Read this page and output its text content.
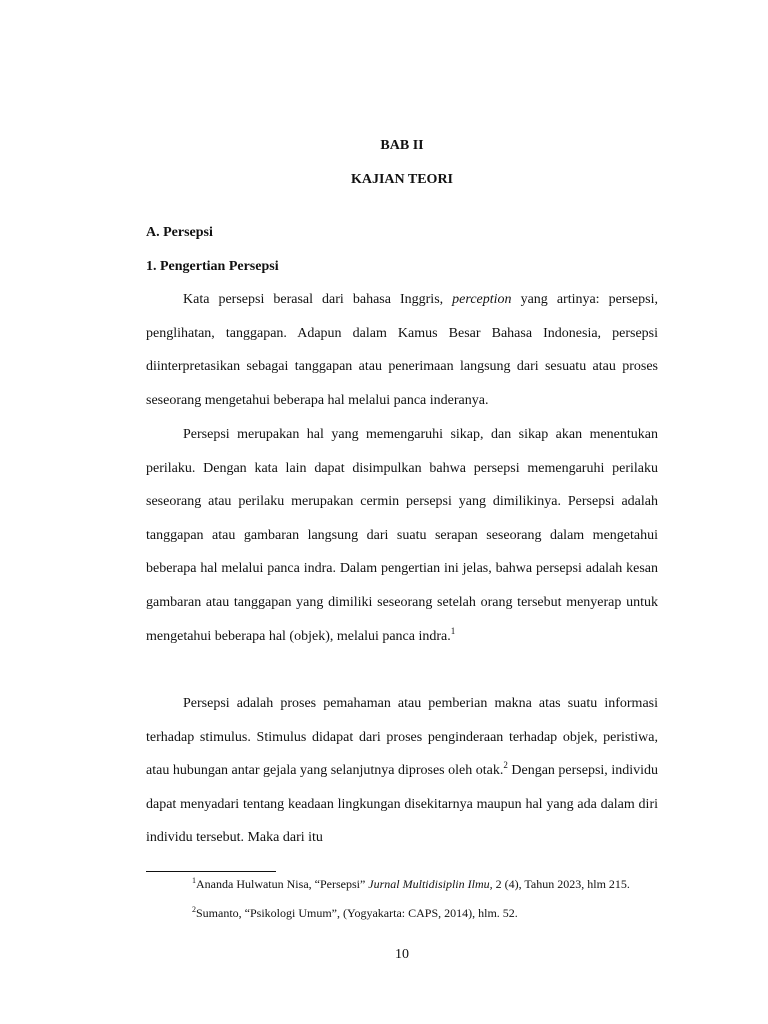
BAB II
KAJIAN TEORI
A. Persepsi
1. Pengertian Persepsi

Kata persepsi berasal dari bahasa Inggris, perception yang artinya: persepsi, penglihatan, tanggapan. Adapun dalam Kamus Besar Bahasa Indonesia, persepsi diinterpretasikan sebagai tanggapan atau penerimaan langsung dari sesuatu atau proses seseorang mengetahui beberapa hal melalui panca inderanya.

Persepsi merupakan hal yang memengaruhi sikap, dan sikap akan menentukan perilaku. Dengan kata lain dapat disimpulkan bahwa persepsi memengaruhi perilaku seseorang atau perilaku merupakan cermin persepsi yang dimilikinya. Persepsi adalah tanggapan atau gambaran langsung dari suatu serapan seseorang dalam mengetahui beberapa hal melalui panca indra. Dalam pengertian ini jelas, bahwa persepsi adalah kesan gambaran atau tanggapan yang dimiliki seseorang setelah orang tersebut menyerap untuk mengetahui beberapa hal (objek), melalui panca indra.$^1$

Persepsi adalah proses pemahaman atau pemberian makna atas suatu informasi terhadap stimulus. Stimulus didapat dari proses penginderaan terhadap objek, peristiwa, atau hubungan antar gejala yang selanjutnya diproses oleh otak.$^2$ Dengan persepsi, individu dapat menyadari tentang keadaan lingkungan disekitarnya maupun hal yang ada dalam diri individu tersebut. Maka dari itu

$^1$Ananda Hulwatun Nisa, “Persepsi” Jurnal Multidisiplin Ilmu, 2 (4), Tahun 2023, hlm 215.

$^2$Sumanto, “Psikologi Umum”, (Yogyakarta: CAPS, 2014), hlm. 52.

10
